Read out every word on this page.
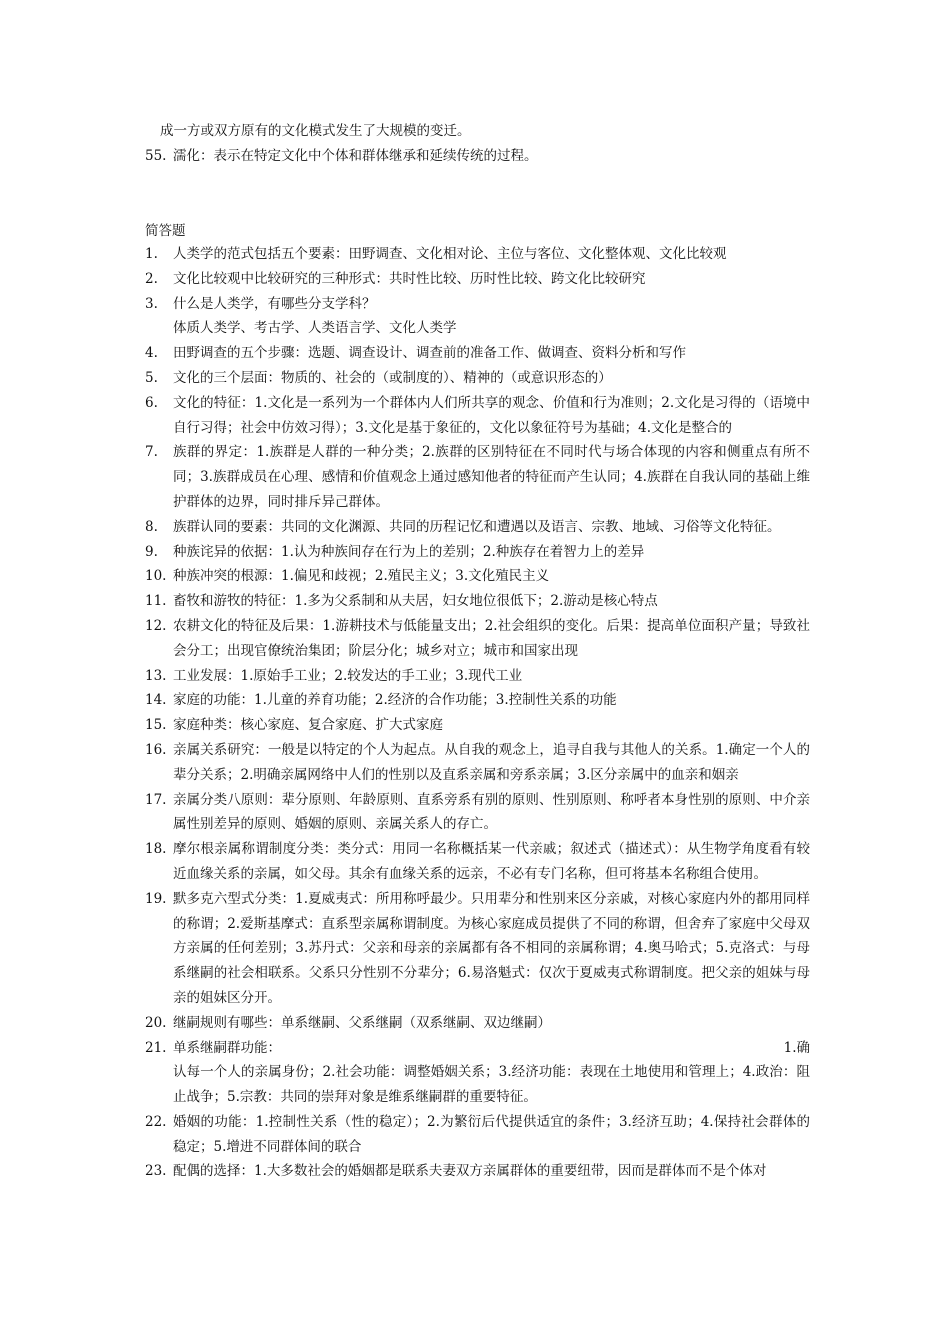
成一方或双方原有的文化模式发生了大规模的变迁。
55. 濡化：表示在特定文化中个体和群体继承和延续传统的过程。
简答题
1.	人类学的范式包括五个要素：田野调查、文化相对论、主位与客位、文化整体观、文化比较观
2.	文化比较观中比较研究的三种形式：共时性比较、历时性比较、跨文化比较研究
3.	什么是人类学，有哪些分支学科？
体质人类学、考古学、人类语言学、文化人类学
4.	田野调查的五个步骤：选题、调查设计、调查前的准备工作、做调查、资料分析和写作
5.	文化的三个层面：物质的、社会的（或制度的）、精神的（或意识形态的）
6.	文化的特征：1.文化是一系列为一个群体内人们所共享的观念、价值和行为准则；2.文化是习得的（语境中自行习得；社会中仿效习得）；3.文化是基于象征的，文化以象征符号为基础；4.文化是整合的
7.	族群的界定：1.族群是人群的一种分类；2.族群的区别特征在不同时代与场合体现的内容和侧重点有所不同；3.族群成员在心理、感情和价值观念上通过感知他者的特征而产生认同；4.族群在自我认同的基础上维护群体的边界，同时排斥异己群体。
8.	族群认同的要素：共同的文化渊源、共同的历程记忆和遭遇以及语言、宗教、地域、习俗等文化特征。
9.	种族诧异的依据：1.认为种族间存在行为上的差别；2.种族存在着智力上的差异
10. 种族冲突的根源：1.偏见和歧视；2.殖民主义；3.文化殖民主义
11. 畜牧和游牧的特征：1.多为父系制和从夫居，妇女地位很低下；2.游动是核心特点
12. 农耕文化的特征及后果：1.游耕技术与低能量支出；2.社会组织的变化。后果：提高单位面积产量；导致社会分工；出现官僚统治集团；阶层分化；城乡对立；城市和国家出现
13. 工业发展：1.原始手工业；2.较发达的手工业；3.现代工业
14. 家庭的功能：1.儿童的养育功能；2.经济的合作功能；3.控制性关系的功能
15. 家庭种类：核心家庭、复合家庭、扩大式家庭
16. 亲属关系研究：一般是以特定的个人为起点。从自我的观念上，追寻自我与其他人的关系。1.确定一个人的辈分关系；2.明确亲属网络中人们的性别以及直系亲属和旁系亲属；3.区分亲属中的血亲和姻亲
17. 亲属分类八原则：辈分原则、年龄原则、直系旁系有别的原则、性别原则、称呼者本身性别的原则、中介亲属性别差异的原则、婚姻的原则、亲属关系人的存亡。
18. 摩尔根亲属称谓制度分类：类分式：用同一名称概括某一代亲戚；叙述式（描述式）：从生物学角度看有较近血缘关系的亲属，如父母。其余有血缘关系的远亲，不必有专门名称，但可将基本名称组合使用。
19. 默多克六型式分类：1.夏威夷式：所用称呼最少。只用辈分和性别来区分亲戚，对核心家庭内外的都用同样的称谓；2.爱斯基摩式：直系型亲属称谓制度。为核心家庭成员提供了不同的称谓，但舍弃了家庭中父母双方亲属的任何差别；3.苏丹式：父亲和母亲的亲属都有各不相同的亲属称谓；4.奥马哈式；5.克洛式：与母系继嗣的社会相联系。父系只分性别不分辈分；6.易洛魁式：仅次于夏威夷式称谓制度。把父亲的姐妹与母亲的姐妹区分开。
20. 继嗣规则有哪些：单系继嗣、父系继嗣（双系继嗣、双边继嗣）
21. 单系继嗣群功能：	1.确
认每一个人的亲属身份；2.社会功能：调整婚姻关系；3.经济功能：表现在土地使用和管理上；4.政治：阻止战争；5.宗教：共同的崇拜对象是维系继嗣群的重要特征。
22. 婚姻的功能：1.控制性关系（性的稳定）；2.为繁衍后代提供适宜的条件；3.经济互助；4.保持社会群体的稳定；5.增进不同群体间的联合
23. 配偶的选择：1.大多数社会的婚姻都是联系夫妻双方亲属群体的重要纽带，因而是群体而不是个体对
